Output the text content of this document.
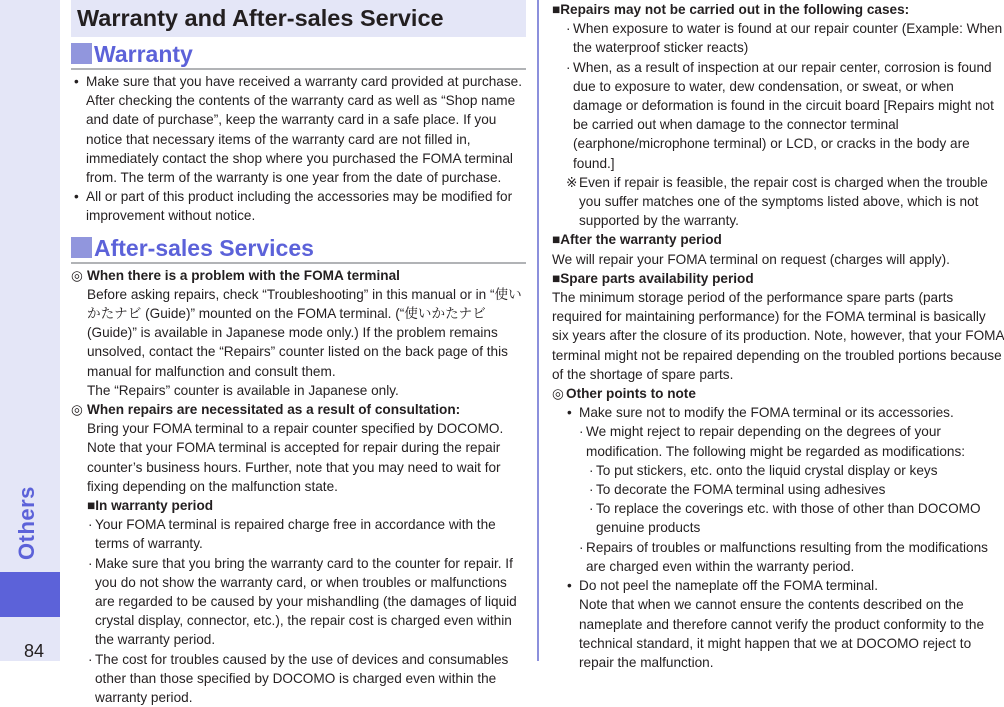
Others
84
Warranty and After-sales Service
Warranty
• Make sure that you have received a warranty card provided at purchase. After checking the contents of the warranty card as well as “Shop name and date of purchase”, keep the warranty card in a safe place. If you notice that necessary items of the warranty card are not filled in, immediately contact the shop where you purchased the FOMA terminal from. The term of the warranty is one year from the date of purchase.
• All or part of this product including the accessories may be modified for improvement without notice.
After-sales Services
◎ When there is a problem with the FOMA terminal
Before asking repairs, check “Troubleshooting” in this manual or in “使いかたナビ (Guide)” mounted on the FOMA terminal. (“使いかたナビ (Guide)” is available in Japanese mode only.) If the problem remains unsolved, contact the “Repairs” counter listed on the back page of this manual for malfunction and consult them.
The “Repairs” counter is available in Japanese only.
◎ When repairs are necessitated as a result of consultation:
Bring your FOMA terminal to a repair counter specified by DOCOMO. Note that your FOMA terminal is accepted for repair during the repair counter’s business hours. Further, note that you may need to wait for fixing depending on the malfunction state.
■In warranty period
· Your FOMA terminal is repaired charge free in accordance with the terms of warranty.
· Make sure that you bring the warranty card to the counter for repair. If you do not show the warranty card, or when troubles or malfunctions are regarded to be caused by your mishandling (the damages of liquid crystal display, connector, etc.), the repair cost is charged even within the warranty period.
· The cost for troubles caused by the use of devices and consumables other than those specified by DOCOMO is charged even within the warranty period.
■Repairs may not be carried out in the following cases:
· When exposure to water is found at our repair counter (Example: When the waterproof sticker reacts)
· When, as a result of inspection at our repair center, corrosion is found due to exposure to water, dew condensation, or sweat, or when damage or deformation is found in the circuit board [Repairs might not be carried out when damage to the connector terminal (earphone/microphone terminal) or LCD, or cracks in the body are found.]
※ Even if repair is feasible, the repair cost is charged when the trouble you suffer matches one of the symptoms listed above, which is not supported by the warranty.
■After the warranty period
We will repair your FOMA terminal on request (charges will apply).
■Spare parts availability period
The minimum storage period of the performance spare parts (parts required for maintaining performance) for the FOMA terminal is basically six years after the closure of its production. Note, however, that your FOMA terminal might not be repaired depending on the troubled portions because of the shortage of spare parts.
◎ Other points to note
• Make sure not to modify the FOMA terminal or its accessories.
· We might reject to repair depending on the degrees of your modification. The following might be regarded as modifications:
· To put stickers, etc. onto the liquid crystal display or keys
· To decorate the FOMA terminal using adhesives
· To replace the coverings etc. with those of other than DOCOMO genuine products
· Repairs of troubles or malfunctions resulting from the modifications are charged even within the warranty period.
• Do not peel the nameplate off the FOMA terminal.
Note that when we cannot ensure the contents described on the nameplate and therefore cannot verify the product conformity to the technical standard, it might happen that we at DOCOMO reject to repair the malfunction.
